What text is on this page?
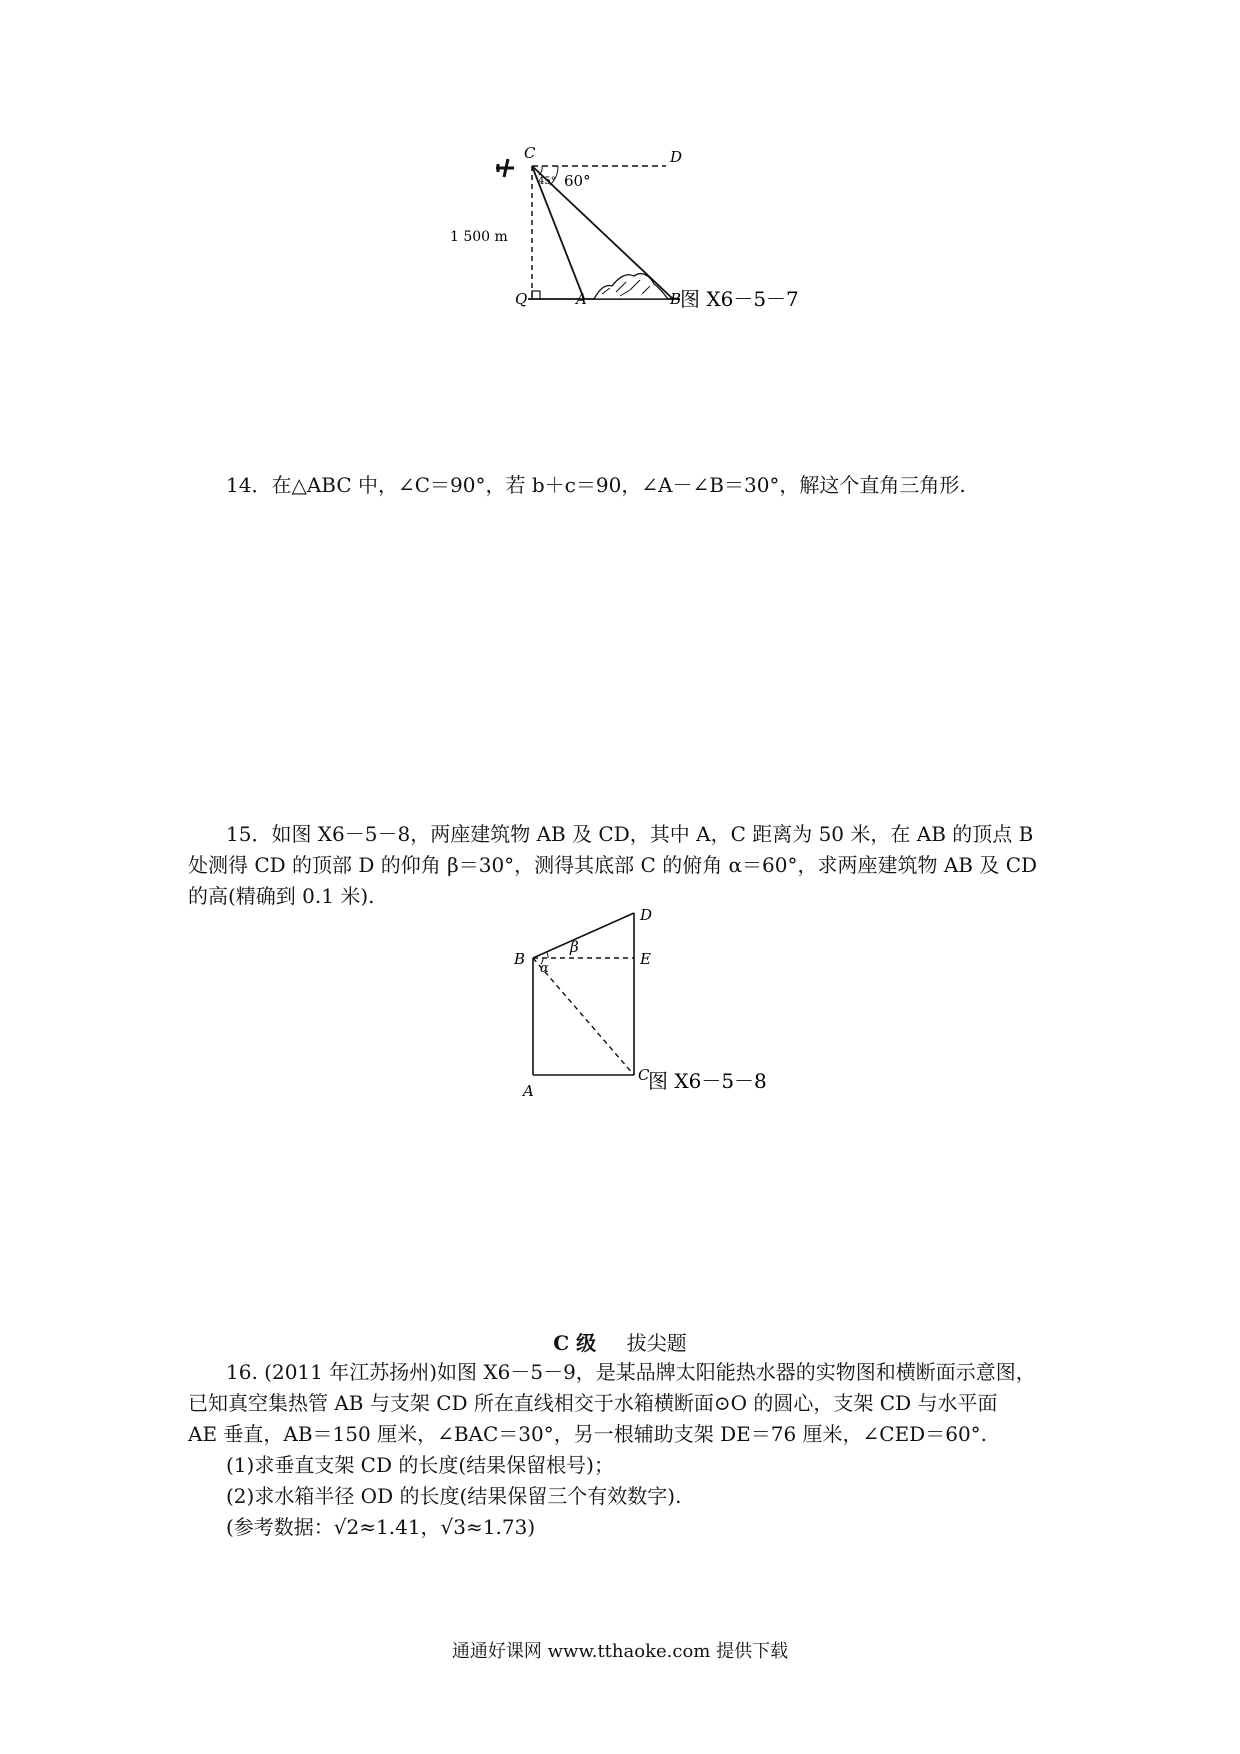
C	D
Q	A	B
45° 60°
1 500 m
图 X6－5－7
14．在△ABC 中，∠C＝90°，若 b＋c＝90，∠A－∠B＝30°，解这个直角三角形.
15．如图 X6－5－8，两座建筑物 AB 及 CD，其中 A，C 距离为 50 米，在 AB 的顶点 B
处测得 CD 的顶部 D 的仰角 β＝30°，测得其底部 C 的俯角 α＝60°，求两座建筑物 AB 及 CD
的高(精确到 0.1 米).
B
A
C
D
E
β
α
图 X6－5－8
C 级 拔尖题
16. (2011 年江苏扬州)如图 X6－5－9，是某品牌太阳能热水器的实物图和横断面示意图，
已知真空集热管 AB 与支架 CD 所在直线相交于水箱横断面⊙O 的圆心，支架 CD 与水平面
AE 垂直，AB＝150 厘米，∠BAC＝30°，另一根辅助支架 DE＝76 厘米，∠CED＝60°.
(1)求垂直支架 CD 的长度(结果保留根号)；
(2)求水箱半径 OD 的长度(结果保留三个有效数字).
(参考数据：√2≈1.41，√3≈1.73)
通通好课网 www.tthaoke.com 提供下载
